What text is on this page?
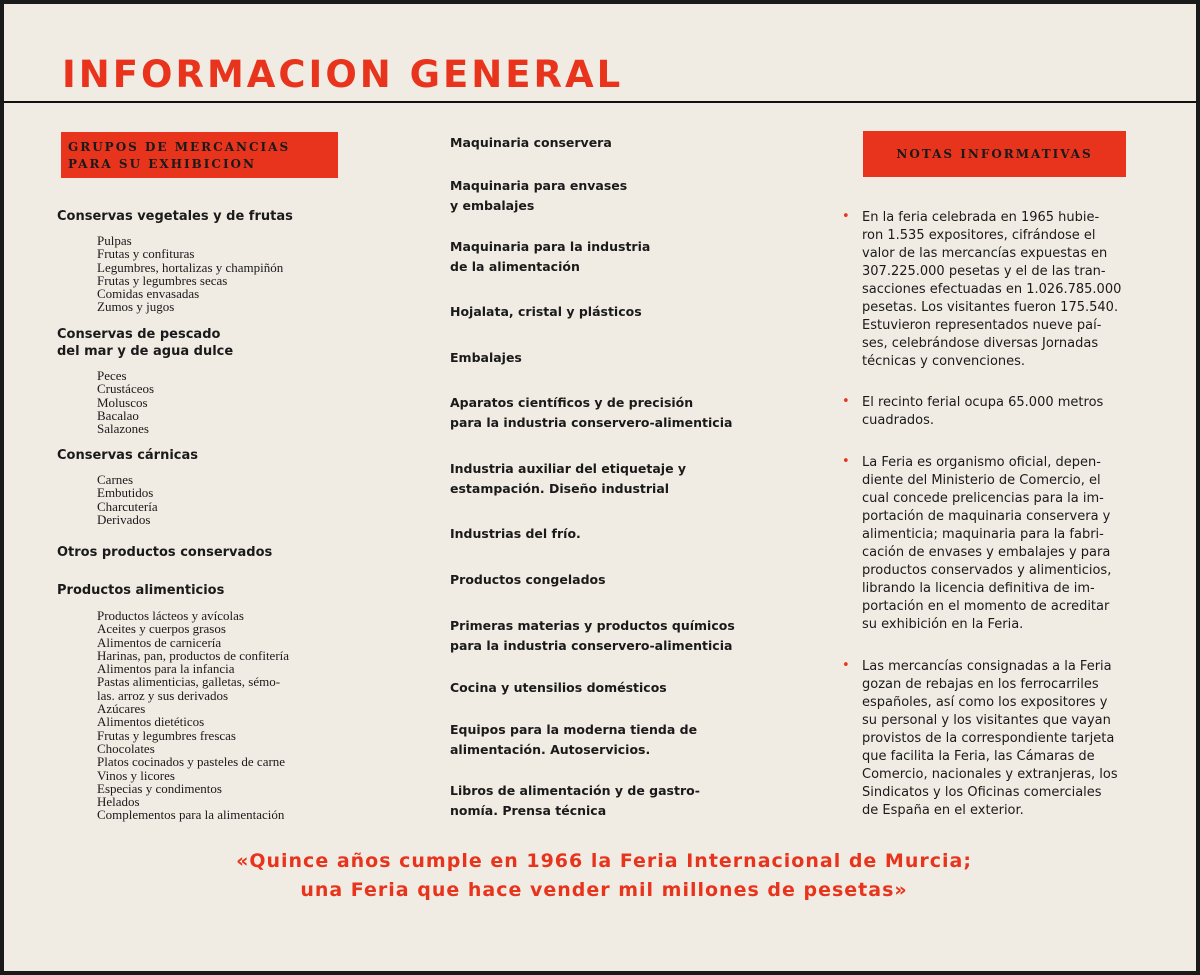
INFORMACION GENERAL
GRUPOS DE MERCANCIAS
PARA SU EXHIBICION

Conservas vegetales y de frutas

Pulpas
Frutas y confituras
Legumbres, hortalizas y champiñón
Frutas y legumbres secas
Comidas envasadas
Zumos y jugos

Conservas de pescado
del mar y de agua dulce

Peces
Crustáceos
Moluscos
Bacalao
Salazones

Conservas cárnicas

Carnes
Embutidos
Charcutería
Derivados

Otros productos conservados

Productos alimenticios

Productos lácteos y avícolas
Aceites y cuerpos grasos
Alimentos de carnicería
Harinas, pan, productos de confitería
Alimentos para la infancia
Pastas alimenticias, galletas, sémo-
las. arroz y sus derivados
Azúcares
Alimentos dietéticos
Frutas y legumbres frescas
Chocolates
Platos cocinados y pasteles de carne
Vinos y licores
Especias y condimentos
Helados
Complementos para la alimentación

Maquinaria conservera

Maquinaria para envases
y embalajes

Maquinaria para la industria
de la alimentación

Hojalata, cristal y plásticos

Embalajes

Aparatos científicos y de precisión
para la industria conservero-alimenticia

Industria auxiliar del etiquetaje y
estampación. Diseño industrial

Industrias del frío.

Productos congelados

Primeras materias y productos químicos
para la industria conservero-alimenticia

Cocina y utensilios domésticos

Equipos para la moderna tienda de
alimentación. Autoservicios.

Libros de alimentación y de gastro-
nomía. Prensa técnica

NOTAS INFORMATIVAS
• En la feria celebrada en 1965 hubie-
ron 1.535 expositores, cifrándose el
valor de las mercancías expuestas en
307.225.000 pesetas y el de las tran-
sacciones efectuadas en 1.026.785.000
pesetas. Los visitantes fueron 175.540.
Estuvieron representados nueve paí-
ses, celebrándose diversas Jornadas
técnicas y convenciones.

• El recinto ferial ocupa 65.000 metros
cuadrados.

• La Feria es organismo oficial, depen-
diente del Ministerio de Comercio, el
cual concede prelicencias para la im-
portación de maquinaria conservera y
alimenticia; maquinaria para la fabri-
cación de envases y embalajes y para
productos conservados y alimenticios,
librando la licencia definitiva de im-
portación en el momento de acreditar
su exhibición en la Feria.

• Las mercancías consignadas a la Feria
gozan de rebajas en los ferrocarriles
españoles, así como los expositores y
su personal y los visitantes que vayan
provistos de la correspondiente tarjeta
que facilita la Feria, las Cámaras de
Comercio, nacionales y extranjeras, los
Sindicatos y los Oficinas comerciales
de España en el exterior.

«Quince años cumple en 1966 la Feria Internacional de Murcia;
una Feria que hace vender mil millones de pesetas»
